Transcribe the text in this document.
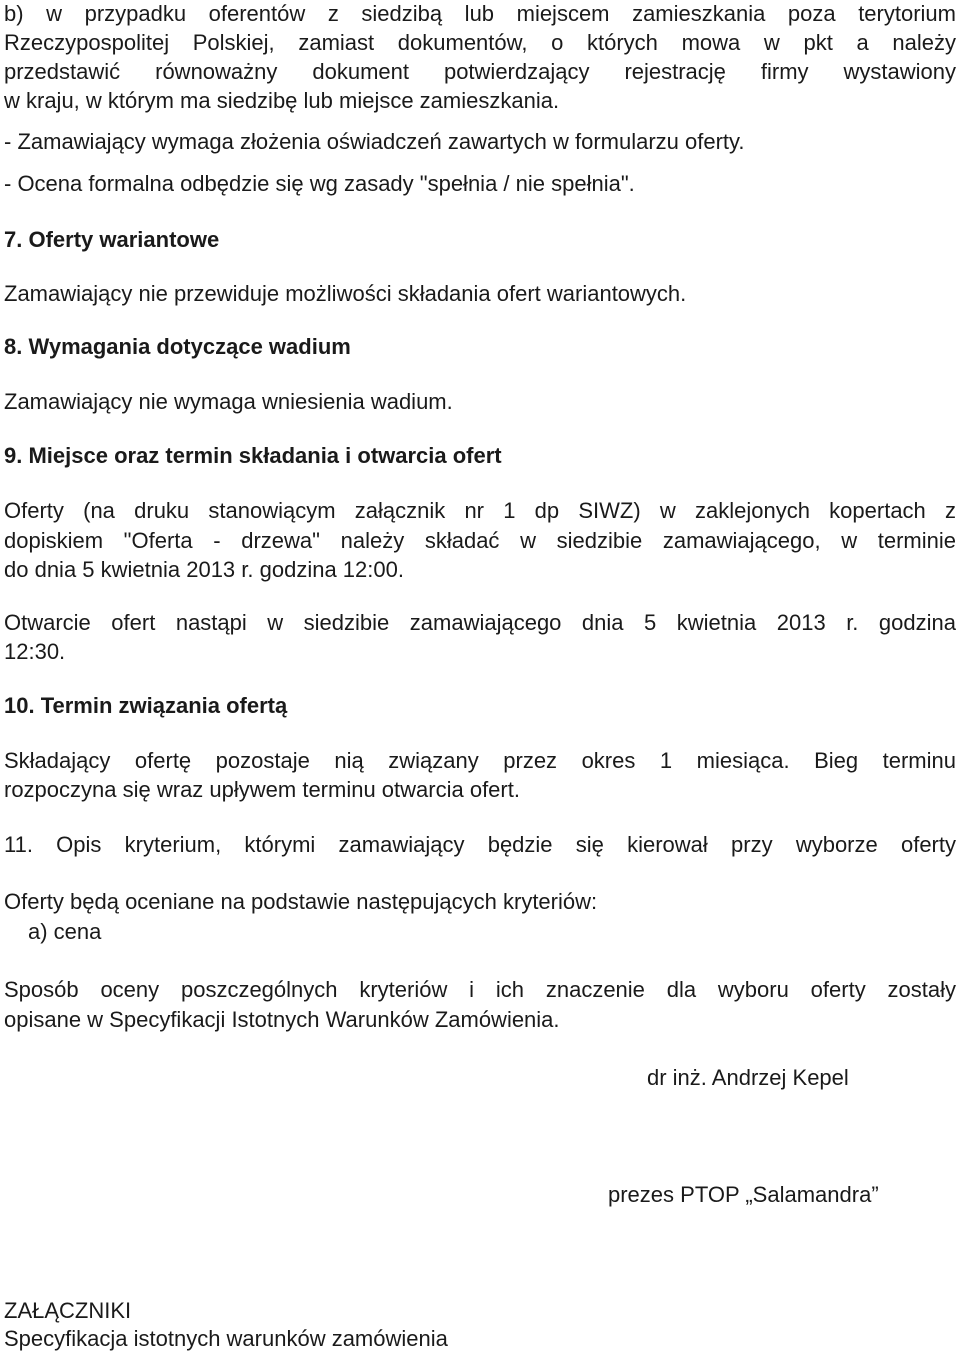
b) w przypadku oferentów z siedzibą lub miejscem zamieszkania poza terytorium
Rzeczypospolitej Polskiej, zamiast dokumentów, o których mowa w pkt a należy
przedstawić równoważny dokument potwierdzający rejestrację firmy wystawiony
w kraju, w którym ma siedzibę lub miejsce zamieszkania.
- Zamawiający wymaga złożenia oświadczeń zawartych w formularzu oferty.
- Ocena formalna odbędzie się wg zasady "spełnia / nie spełnia".
7. Oferty wariantowe
Zamawiający nie przewiduje możliwości składania ofert wariantowych.
8. Wymagania dotyczące wadium
Zamawiający nie wymaga wniesienia wadium.
9. Miejsce oraz termin składania i otwarcia ofert
Oferty (na druku stanowiącym załącznik nr 1 dp SIWZ) w zaklejonych kopertach z
dopiskiem "Oferta - drzewa" należy składać w siedzibie zamawiającego, w terminie
do dnia 5 kwietnia 2013 r. godzina 12:00.
Otwarcie ofert nastąpi w siedzibie zamawiającego dnia 5 kwietnia 2013 r. godzina
12:30.
10. Termin związania ofertą
Składający ofertę pozostaje nią związany przez okres 1 miesiąca. Bieg terminu
rozpoczyna się wraz upływem terminu otwarcia ofert.
11. Opis kryterium, którymi zamawiający będzie się kierował przy wyborze oferty
Oferty będą oceniane na podstawie następujących kryteriów:
a) cena
Sposób oceny poszczególnych kryteriów i ich znaczenie dla wyboru oferty zostały
opisane w Specyfikacji Istotnych Warunków Zamówienia.
dr inż. Andrzej Kepel
prezes PTOP „Salamandra”
ZAŁĄCZNIKI
Specyfikacja istotnych warunków zamówienia
